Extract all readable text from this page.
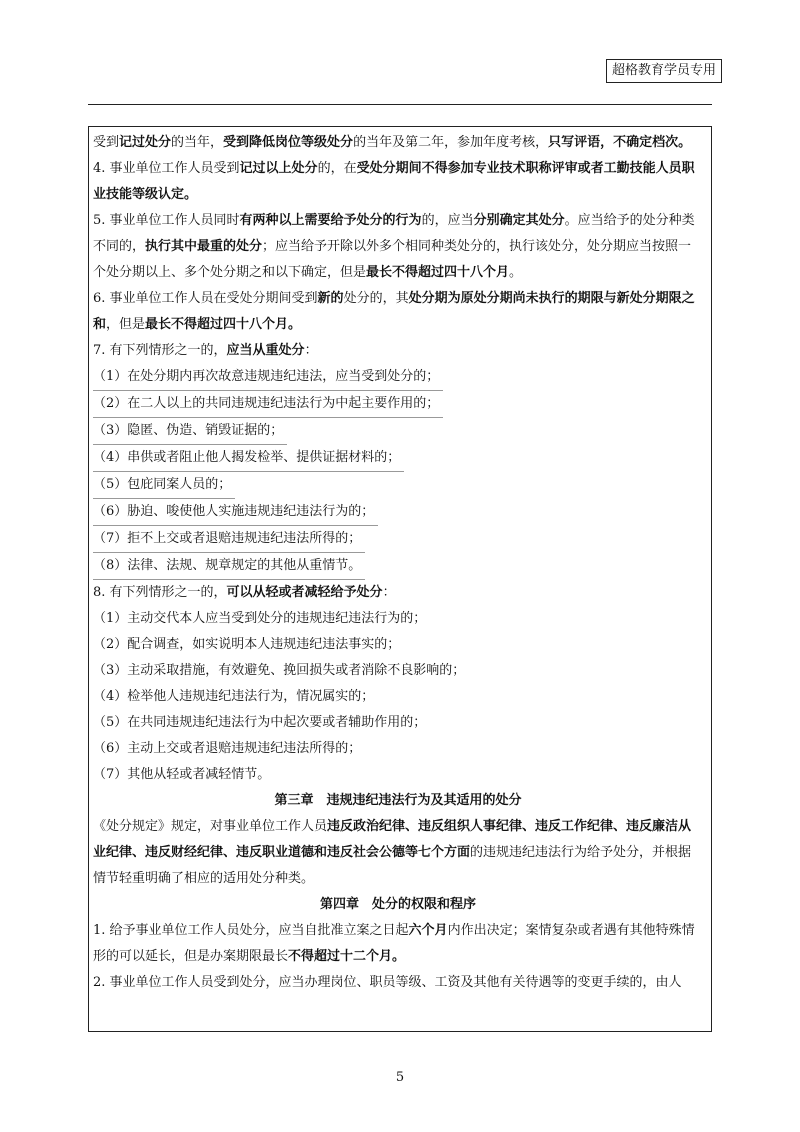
超格教育学员专用
受到记过处分的当年，受到降低岗位等级处分的当年及第二年，参加年度考核，只写评语，不确定档次。
4. 事业单位工作人员受到记过以上处分的，在受处分期间不得参加专业技术职称评审或者工勤技能人员职业技能等级认定。
5. 事业单位工作人员同时有两种以上需要给予处分的行为的，应当分别确定其处分。应当给予的处分种类不同的，执行其中最重的处分；应当给予开除以外多个相同种类处分的，执行该处分，处分期应当按照一个处分期以上、多个处分期之和以下确定，但是最长不得超过四十八个月。
6. 事业单位工作人员在受处分期间受到新的处分的，其处分期为原处分期尚未执行的期限与新处分期限之和，但是最长不得超过四十八个月。
7. 有下列情形之一的，应当从重处分：
（1）在处分期内再次故意违规违纪违法，应当受到处分的；
（2）在二人以上的共同违规违纪违法行为中起主要作用的；
（3）隐匿、伪造、销毁证据的；
（4）串供或者阻止他人揭发检举、提供证据材料的；
（5）包庇同案人员的；
（6）胁迫、唆使他人实施违规违纪违法行为的；
（7）拒不上交或者退赔违规违纪违法所得的；
（8）法律、法规、规章规定的其他从重情节。
8. 有下列情形之一的，可以从轻或者减轻给予处分：
（1）主动交代本人应当受到处分的违规违纪违法行为的；
（2）配合调查，如实说明本人违规违纪违法事实的；
（3）主动采取措施，有效避免、挽回损失或者消除不良影响的；
（4）检举他人违规违纪违法行为，情况属实的；
（5）在共同违规违纪违法行为中起次要或者辅助作用的；
（6）主动上交或者退赔违规违纪违法所得的；
（7）其他从轻或者减轻情节。
第三章　违规违纪违法行为及其适用的处分
《处分规定》规定，对事业单位工作人员违反政治纪律、违反组织人事纪律、违反工作纪律、违反廉洁从业纪律、违反财经纪律、违反职业道德和违反社会公德等七个方面的违规违纪违法行为给予处分，并根据情节轻重明确了相应的适用处分种类。
第四章　处分的权限和程序
1. 给予事业单位工作人员处分，应当自批准立案之日起六个月内作出决定；案情复杂或者遇有其他特殊情形的可以延长，但是办案期限最长不得超过十二个月。
2. 事业单位工作人员受到处分，应当办理岗位、职员等级、工资及其他有关待遇等的变更手续的，由人
5
